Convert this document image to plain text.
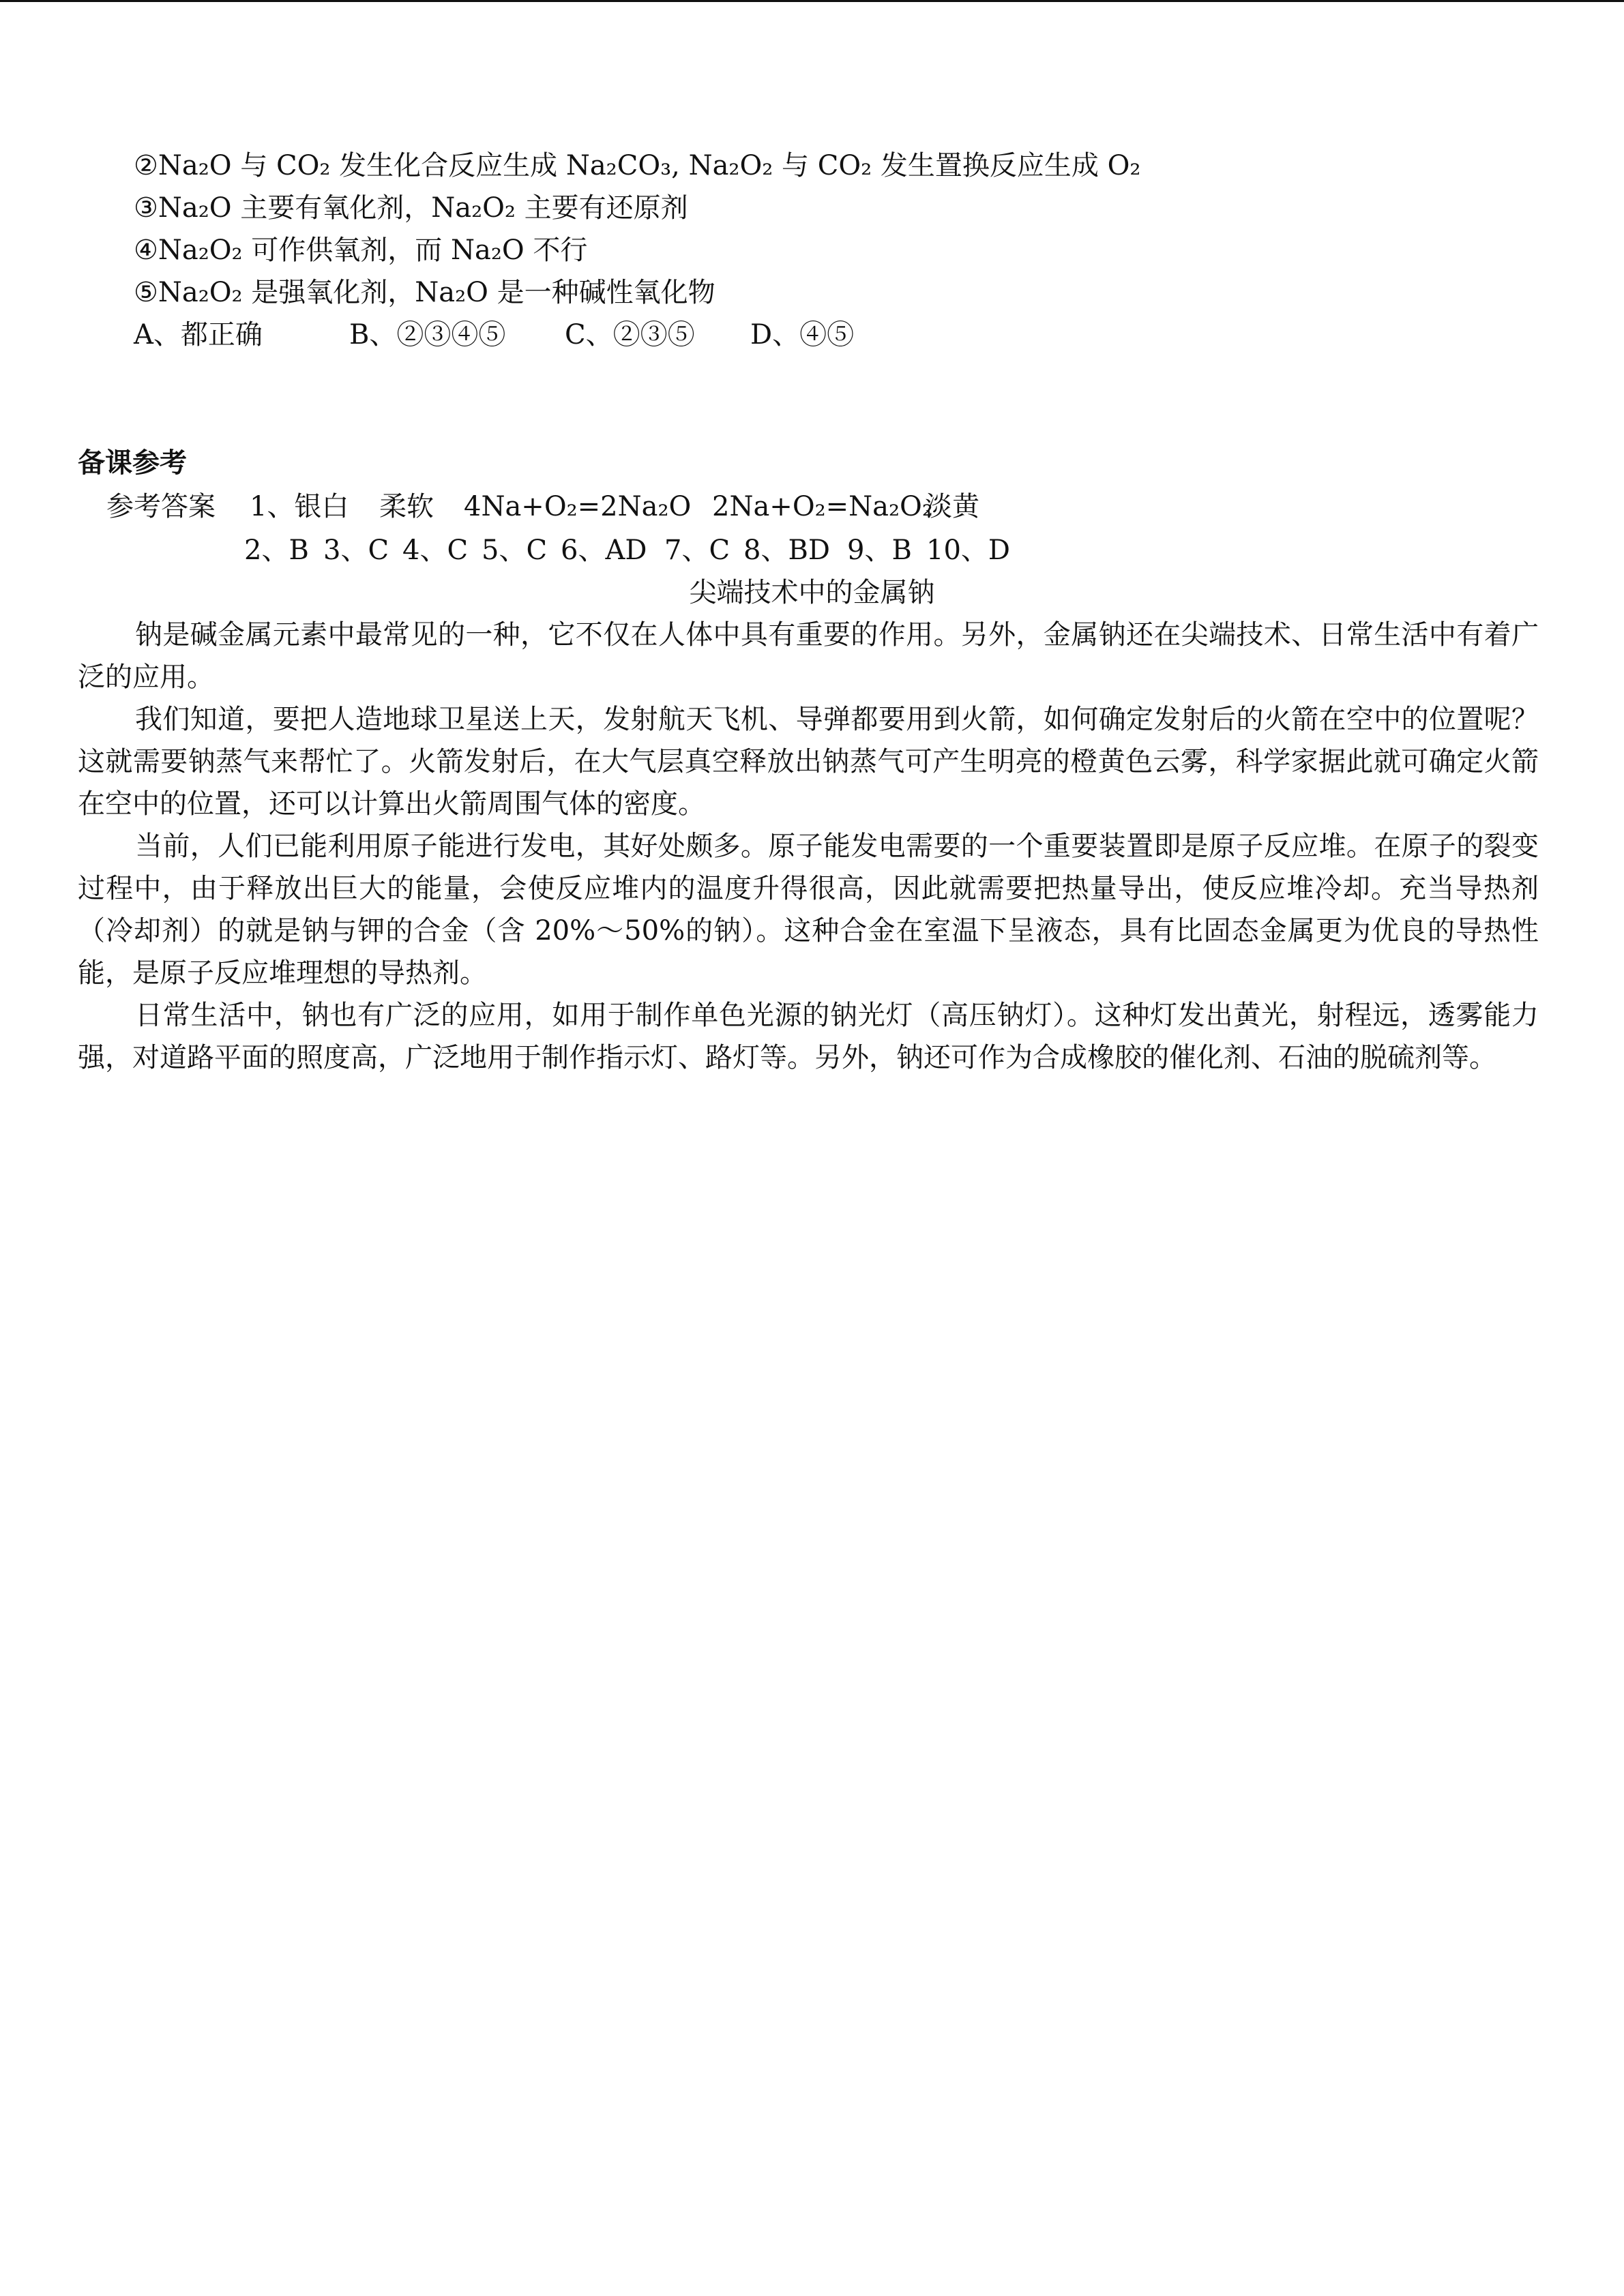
②Na₂O 与 CO₂ 发生化合反应生成 Na₂CO₃, Na₂O₂ 与 CO₂ 发生置换反应生成 O₂
③Na₂O 主要有氧化剂，Na₂O₂ 主要有还原剂
④Na₂O₂ 可作供氧剂，而 Na₂O 不行
⑤Na₂O₂ 是强氧化剂，Na₂O 是一种碱性氧化物
A、都正确	B、②③④⑤	C、②③⑤	D、④⑤
备课参考
参考答案	1、银白	柔软	4Na+O₂=2Na₂O 2Na+O₂=Na₂O₂
淡黄
2、B 3、C 4、C 5、C 6、AD 7、C 8、BD 9、B 10、D
尖端技术中的金属钠

钠是碱金属元素中最常见的一种，它不仅在人体中具有重要的作用。另外，金属钠还在尖端技术、日常生活中有着广泛的应用。

我们知道，要把人造地球卫星送上天，发射航天飞机、导弹都要用到火箭，如何确定发射后的火箭在空中的位置呢？这就需要钠蒸气来帮忙了。火箭发射后，在大气层真空释放出钠蒸气可产生明亮的橙黄色云雾，科学家据此就可确定火箭在空中的位置，还可以计算出火箭周围气体的密度。

当前，人们已能利用原子能进行发电，其好处颇多。原子能发电需要的一个重要装置即是原子反应堆。在原子的裂变过程中，由于释放出巨大的能量，会使反应堆内的温度升得很高，因此就需要把热量导出，使反应堆冷却。充当导热剂（冷却剂）的就是钠与钾的合金（含 20%～50%的钠）。这种合金在室温下呈液态，具有比固态金属更为优良的导热性能，是原子反应堆理想的导热剂。

日常生活中，钠也有广泛的应用，如用于制作单色光源的钠光灯（高压钠灯）。这种灯发出黄光，射程远，透雾能力强，对道路平面的照度高，广泛地用于制作指示灯、路灯等。另外，钠还可作为合成橡胶的催化剂、石油的脱硫剂等。
